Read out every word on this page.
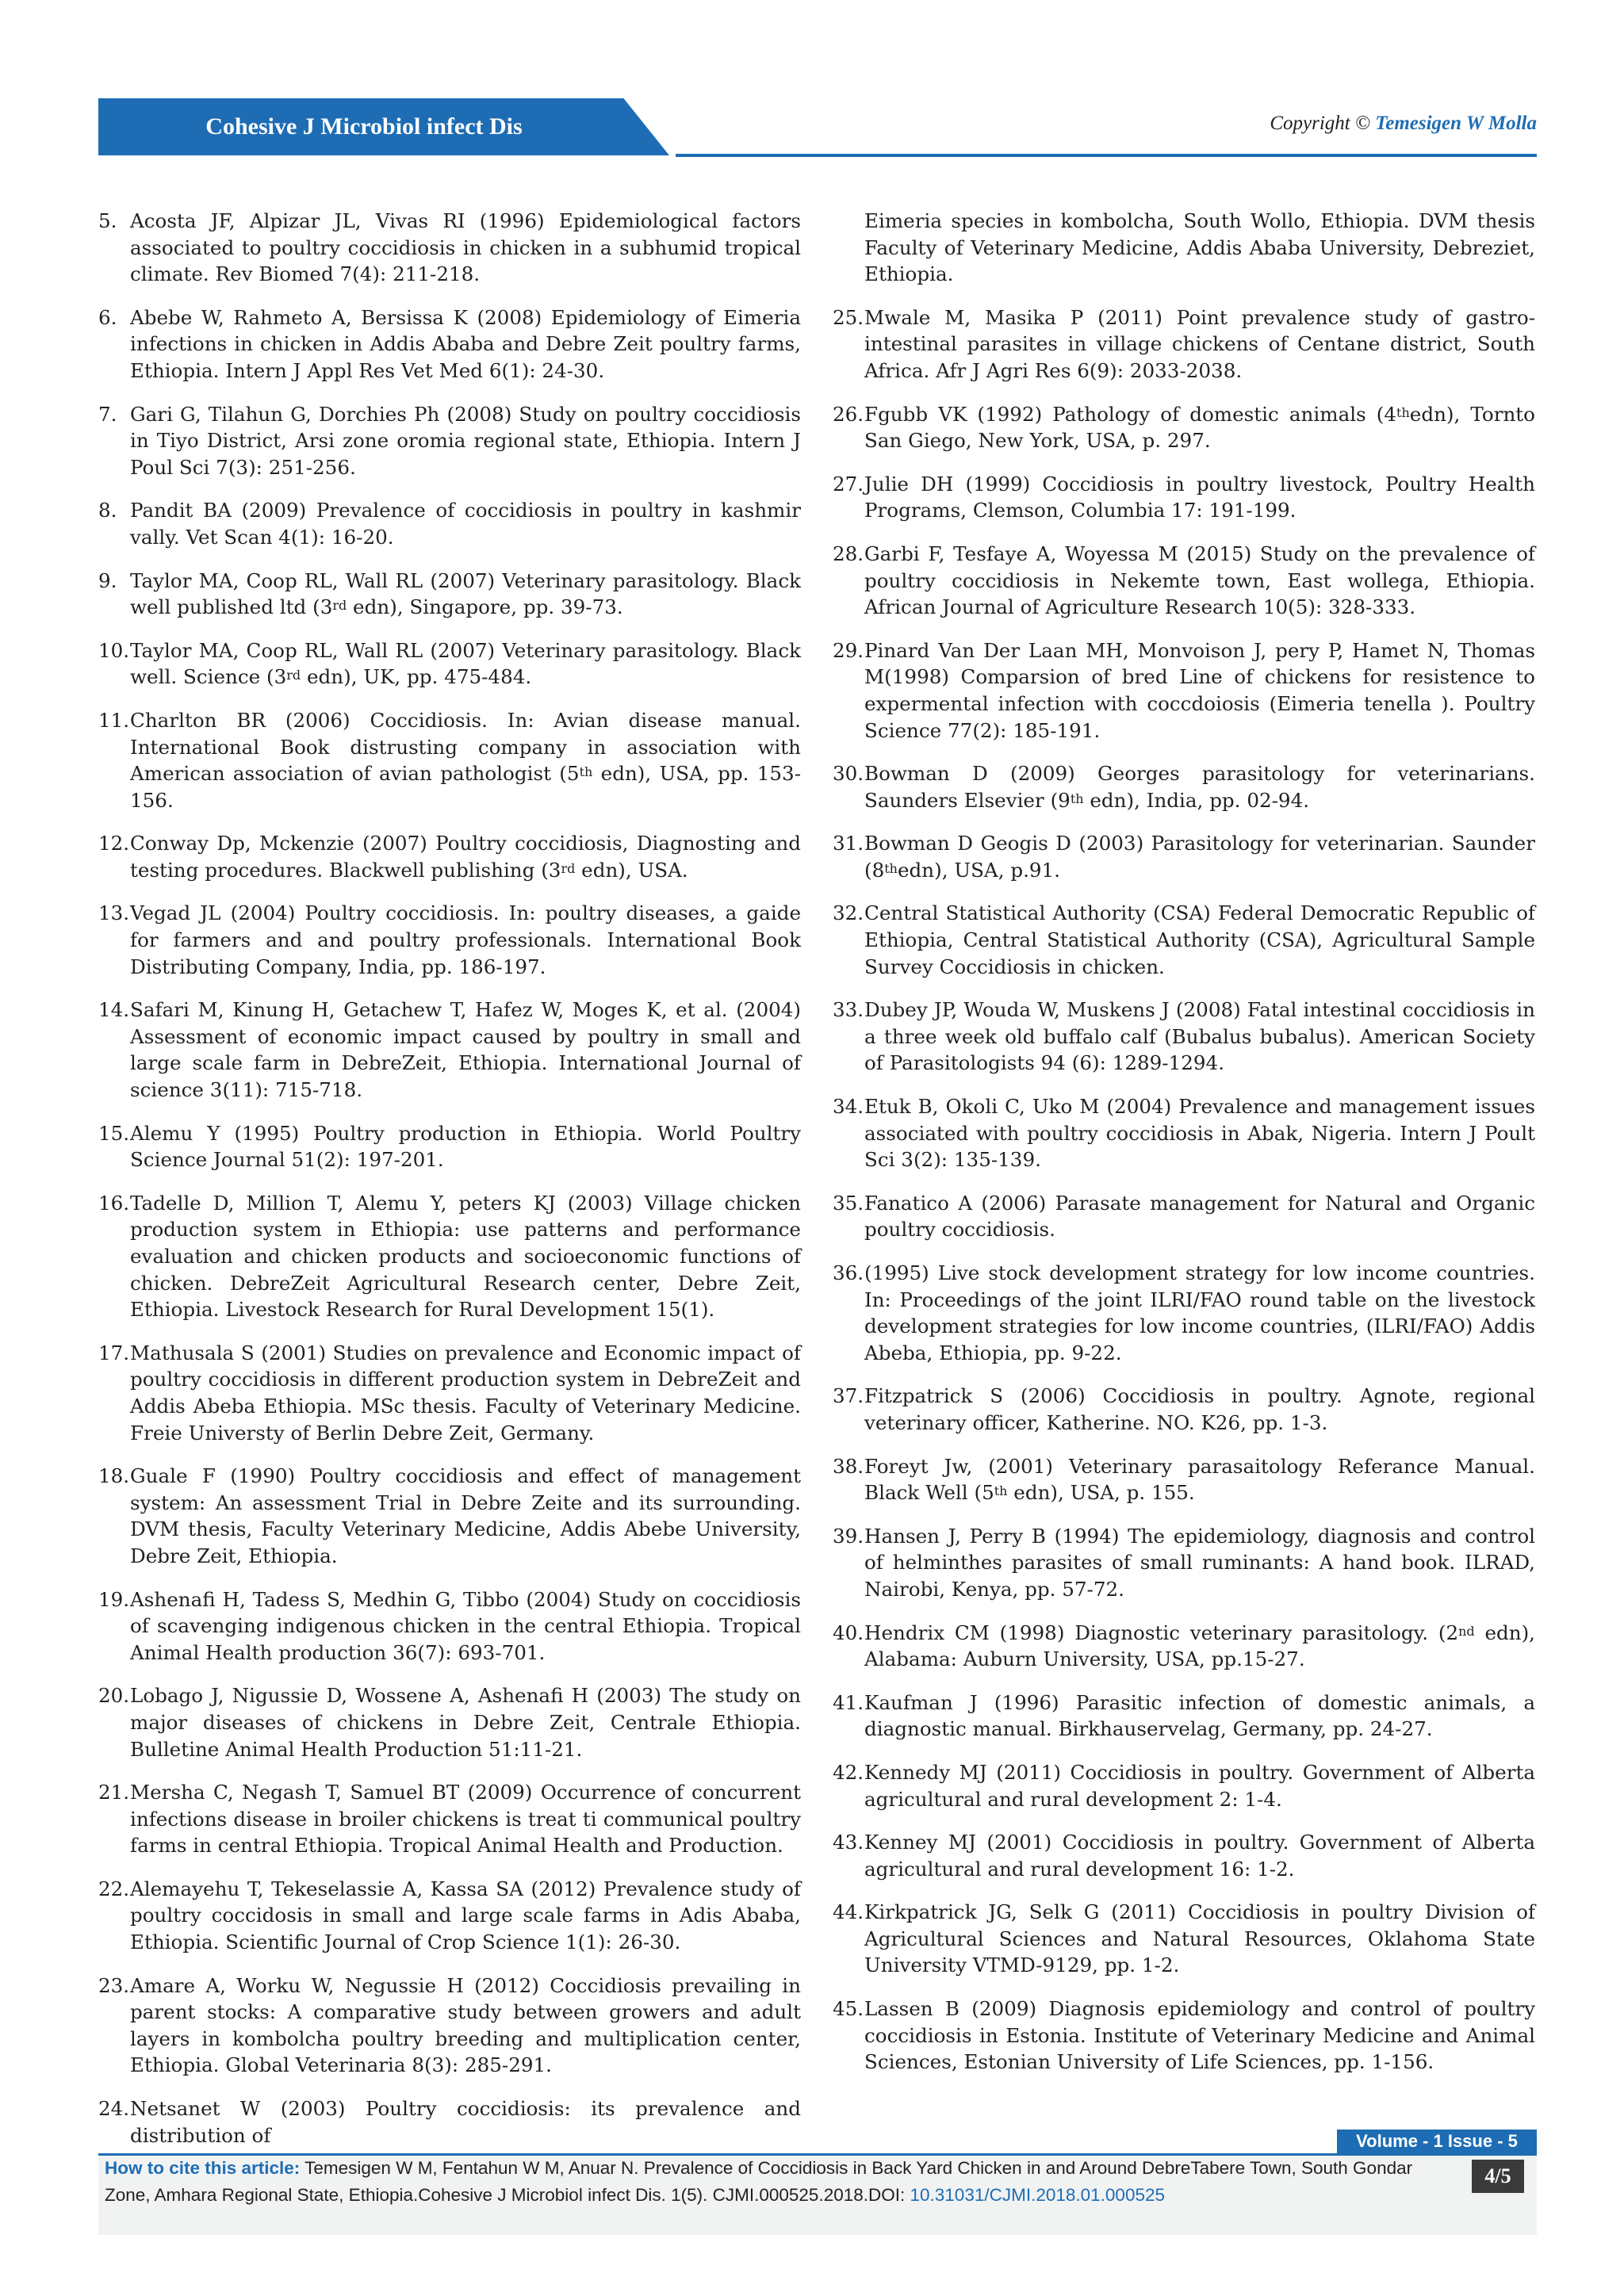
Cohesive J Microbiol infect Dis	Copyright © Temesigen W Molla
5. Acosta JF, Alpizar JL, Vivas RI (1996) Epidemiological factors associated to poultry coccidiosis in chicken in a subhumid tropical climate. Rev Biomed 7(4): 211-218.
6. Abebe W, Rahmeto A, Bersissa K (2008) Epidemiology of Eimeria infections in chicken in Addis Ababa and Debre Zeit poultry farms, Ethiopia. Intern J Appl Res Vet Med 6(1): 24-30.
7. Gari G, Tilahun G, Dorchies Ph (2008) Study on poultry coccidiosis in Tiyo District, Arsi zone oromia regional state, Ethiopia. Intern J Poul Sci 7(3): 251-256.
8. Pandit BA (2009) Prevalence of coccidiosis in poultry in kashmir vally. Vet Scan 4(1): 16-20.
9. Taylor MA, Coop RL, Wall RL (2007) Veterinary parasitology. Black well published ltd (3rd edn), Singapore, pp. 39-73.
10. Taylor MA, Coop RL, Wall RL (2007) Veterinary parasitology. Black well. Science (3rd edn), UK, pp. 475-484.
11. Charlton BR (2006) Coccidiosis. In: Avian disease manual. International Book distrusting company in association with American association of avian pathologist (5th edn), USA, pp. 153-156.
12. Conway Dp, Mckenzie (2007) Poultry coccidiosis, Diagnosting and testing procedures. Blackwell publishing (3rd edn), USA.
13. Vegad JL (2004) Poultry coccidiosis. In: poultry diseases, a gaide for farmers and and poultry professionals. International Book Distributing Company, India, pp. 186-197.
14. Safari M, Kinung H, Getachew T, Hafez W, Moges K, et al. (2004) Assessment of economic impact caused by poultry in small and large scale farm in DebreZeit, Ethiopia. International Journal of science 3(11): 715-718.
15. Alemu Y (1995) Poultry production in Ethiopia. World Poultry Science Journal 51(2): 197-201.
16. Tadelle D, Million T, Alemu Y, peters KJ (2003) Village chicken production system in Ethiopia: use patterns and performance evaluation and chicken products and socioeconomic functions of chicken. DebreZeit Agricultural Research center, Debre Zeit, Ethiopia. Livestock Research for Rural Development 15(1).
17. Mathusala S (2001) Studies on prevalence and Economic impact of poultry coccidiosis in different production system in DebreZeit and Addis Abeba Ethiopia. MSc thesis. Faculty of Veterinary Medicine. Freie Universty of Berlin Debre Zeit, Germany.
18. Guale F (1990) Poultry coccidiosis and effect of management system: An assessment Trial in Debre Zeite and its surrounding. DVM thesis, Faculty Veterinary Medicine, Addis Abebe University, Debre Zeit, Ethiopia.
19. Ashenafi H, Tadess S, Medhin G, Tibbo (2004) Study on coccidiosis of scavenging indigenous chicken in the central Ethiopia. Tropical Animal Health production 36(7): 693-701.
20. Lobago J, Nigussie D, Wossene A, Ashenafi H (2003) The study on major diseases of chickens in Debre Zeit, Centrale Ethiopia. Bulletine Animal Health Production 51:11-21.
21. Mersha C, Negash T, Samuel BT (2009) Occurrence of concurrent infections disease in broiler chickens is treat ti communical poultry farms in central Ethiopia. Tropical Animal Health and Production.
22. Alemayehu T, Tekeselassie A, Kassa SA (2012) Prevalence study of poultry coccidosis in small and large scale farms in Adis Ababa, Ethiopia. Scientific Journal of Crop Science 1(1): 26-30.
23. Amare A, Worku W, Negussie H (2012) Coccidiosis prevailing in parent stocks: A comparative study between growers and adult layers in kombolcha poultry breeding and multiplication center, Ethiopia. Global Veterinaria 8(3): 285-291.
24. Netsanet W (2003) Poultry coccidiosis: its prevalence and distribution of
Eimeria species in kombolcha, South Wollo, Ethiopia. DVM thesis Faculty of Veterinary Medicine, Addis Ababa University, Debreziet, Ethiopia.
25. Mwale M, Masika P (2011) Point prevalence study of gastro-intestinal parasites in village chickens of Centane district, South Africa. Afr J Agri Res 6(9): 2033-2038.
26. Fgubb VK (1992) Pathology of domestic animals (4thedn), Tornto San Giego, New York, USA, p. 297.
27. Julie DH (1999) Coccidiosis in poultry livestock, Poultry Health Programs, Clemson, Columbia 17: 191-199.
28. Garbi F, Tesfaye A, Woyessa M (2015) Study on the prevalence of poultry coccidiosis in Nekemte town, East wollega, Ethiopia. African Journal of Agriculture Research 10(5): 328-333.
29. Pinard Van Der Laan MH, Monvoison J, pery P, Hamet N, Thomas M(1998) Comparsion of bred Line of chickens for resistence to expermental infection with coccdoiosis (Eimeria tenella ). Poultry Science 77(2): 185-191.
30. Bowman D (2009) Georges parasitology for veterinarians. Saunders Elsevier (9th edn), India, pp. 02-94.
31. Bowman D Geogis D (2003) Parasitology for veterinarian. Saunder (8thedn), USA, p.91.
32. Central Statistical Authority (CSA) Federal Democratic Republic of Ethiopia, Central Statistical Authority (CSA), Agricultural Sample Survey Coccidiosis in chicken.
33. Dubey JP, Wouda W, Muskens J (2008) Fatal intestinal coccidiosis in a three week old buffalo calf (Bubalus bubalus). American Society of Parasitologists 94 (6): 1289-1294.
34. Etuk B, Okoli C, Uko M (2004) Prevalence and management issues associated with poultry coccidiosis in Abak, Nigeria. Intern J Poult Sci 3(2): 135-139.
35. Fanatico A (2006) Parasate management for Natural and Organic poultry coccidiosis.
36. (1995) Live stock development strategy for low income countries. In: Proceedings of the joint ILRI/FAO round table on the livestock development strategies for low income countries, (ILRI/FAO) Addis Abeba, Ethiopia, pp. 9-22.
37. Fitzpatrick S (2006) Coccidiosis in poultry. Agnote, regional veterinary officer, Katherine. NO. K26, pp. 1-3.
38. Foreyt Jw, (2001) Veterinary parasaitology Referance Manual. Black Well (5th edn), USA, p. 155.
39. Hansen J, Perry B (1994) The epidemiology, diagnosis and control of helminthes parasites of small ruminants: A hand book. ILRAD, Nairobi, Kenya, pp. 57-72.
40. Hendrix CM (1998) Diagnostic veterinary parasitology. (2nd edn), Alabama: Auburn University, USA, pp.15-27.
41. Kaufman J (1996) Parasitic infection of domestic animals, a diagnostic manual. Birkhauservelag, Germany, pp. 24-27.
42. Kennedy MJ (2011) Coccidiosis in poultry. Government of Alberta agricultural and rural development 2: 1-4.
43. Kenney MJ (2001) Coccidiosis in poultry. Government of Alberta agricultural and rural development 16: 1-2.
44. Kirkpatrick JG, Selk G (2011) Coccidiosis in poultry Division of Agricultural Sciences and Natural Resources, Oklahoma State University VTMD-9129, pp. 1-2.
45. Lassen B (2009) Diagnosis epidemiology and control of poultry coccidiosis in Estonia. Institute of Veterinary Medicine and Animal Sciences, Estonian University of Life Sciences, pp. 1-156.
Volume - 1 Issue - 5
How to cite this article: Temesigen W M, Fentahun W M, Anuar N. Prevalence of Coccidiosis in Back Yard Chicken in and Around DebreTabere Town, South Gondar Zone, Amhara Regional State, Ethiopia.Cohesive J Microbiol infect Dis. 1(5). CJMI.000525.2018.DOI: 10.31031/CJMI.2018.01.000525
4/5
